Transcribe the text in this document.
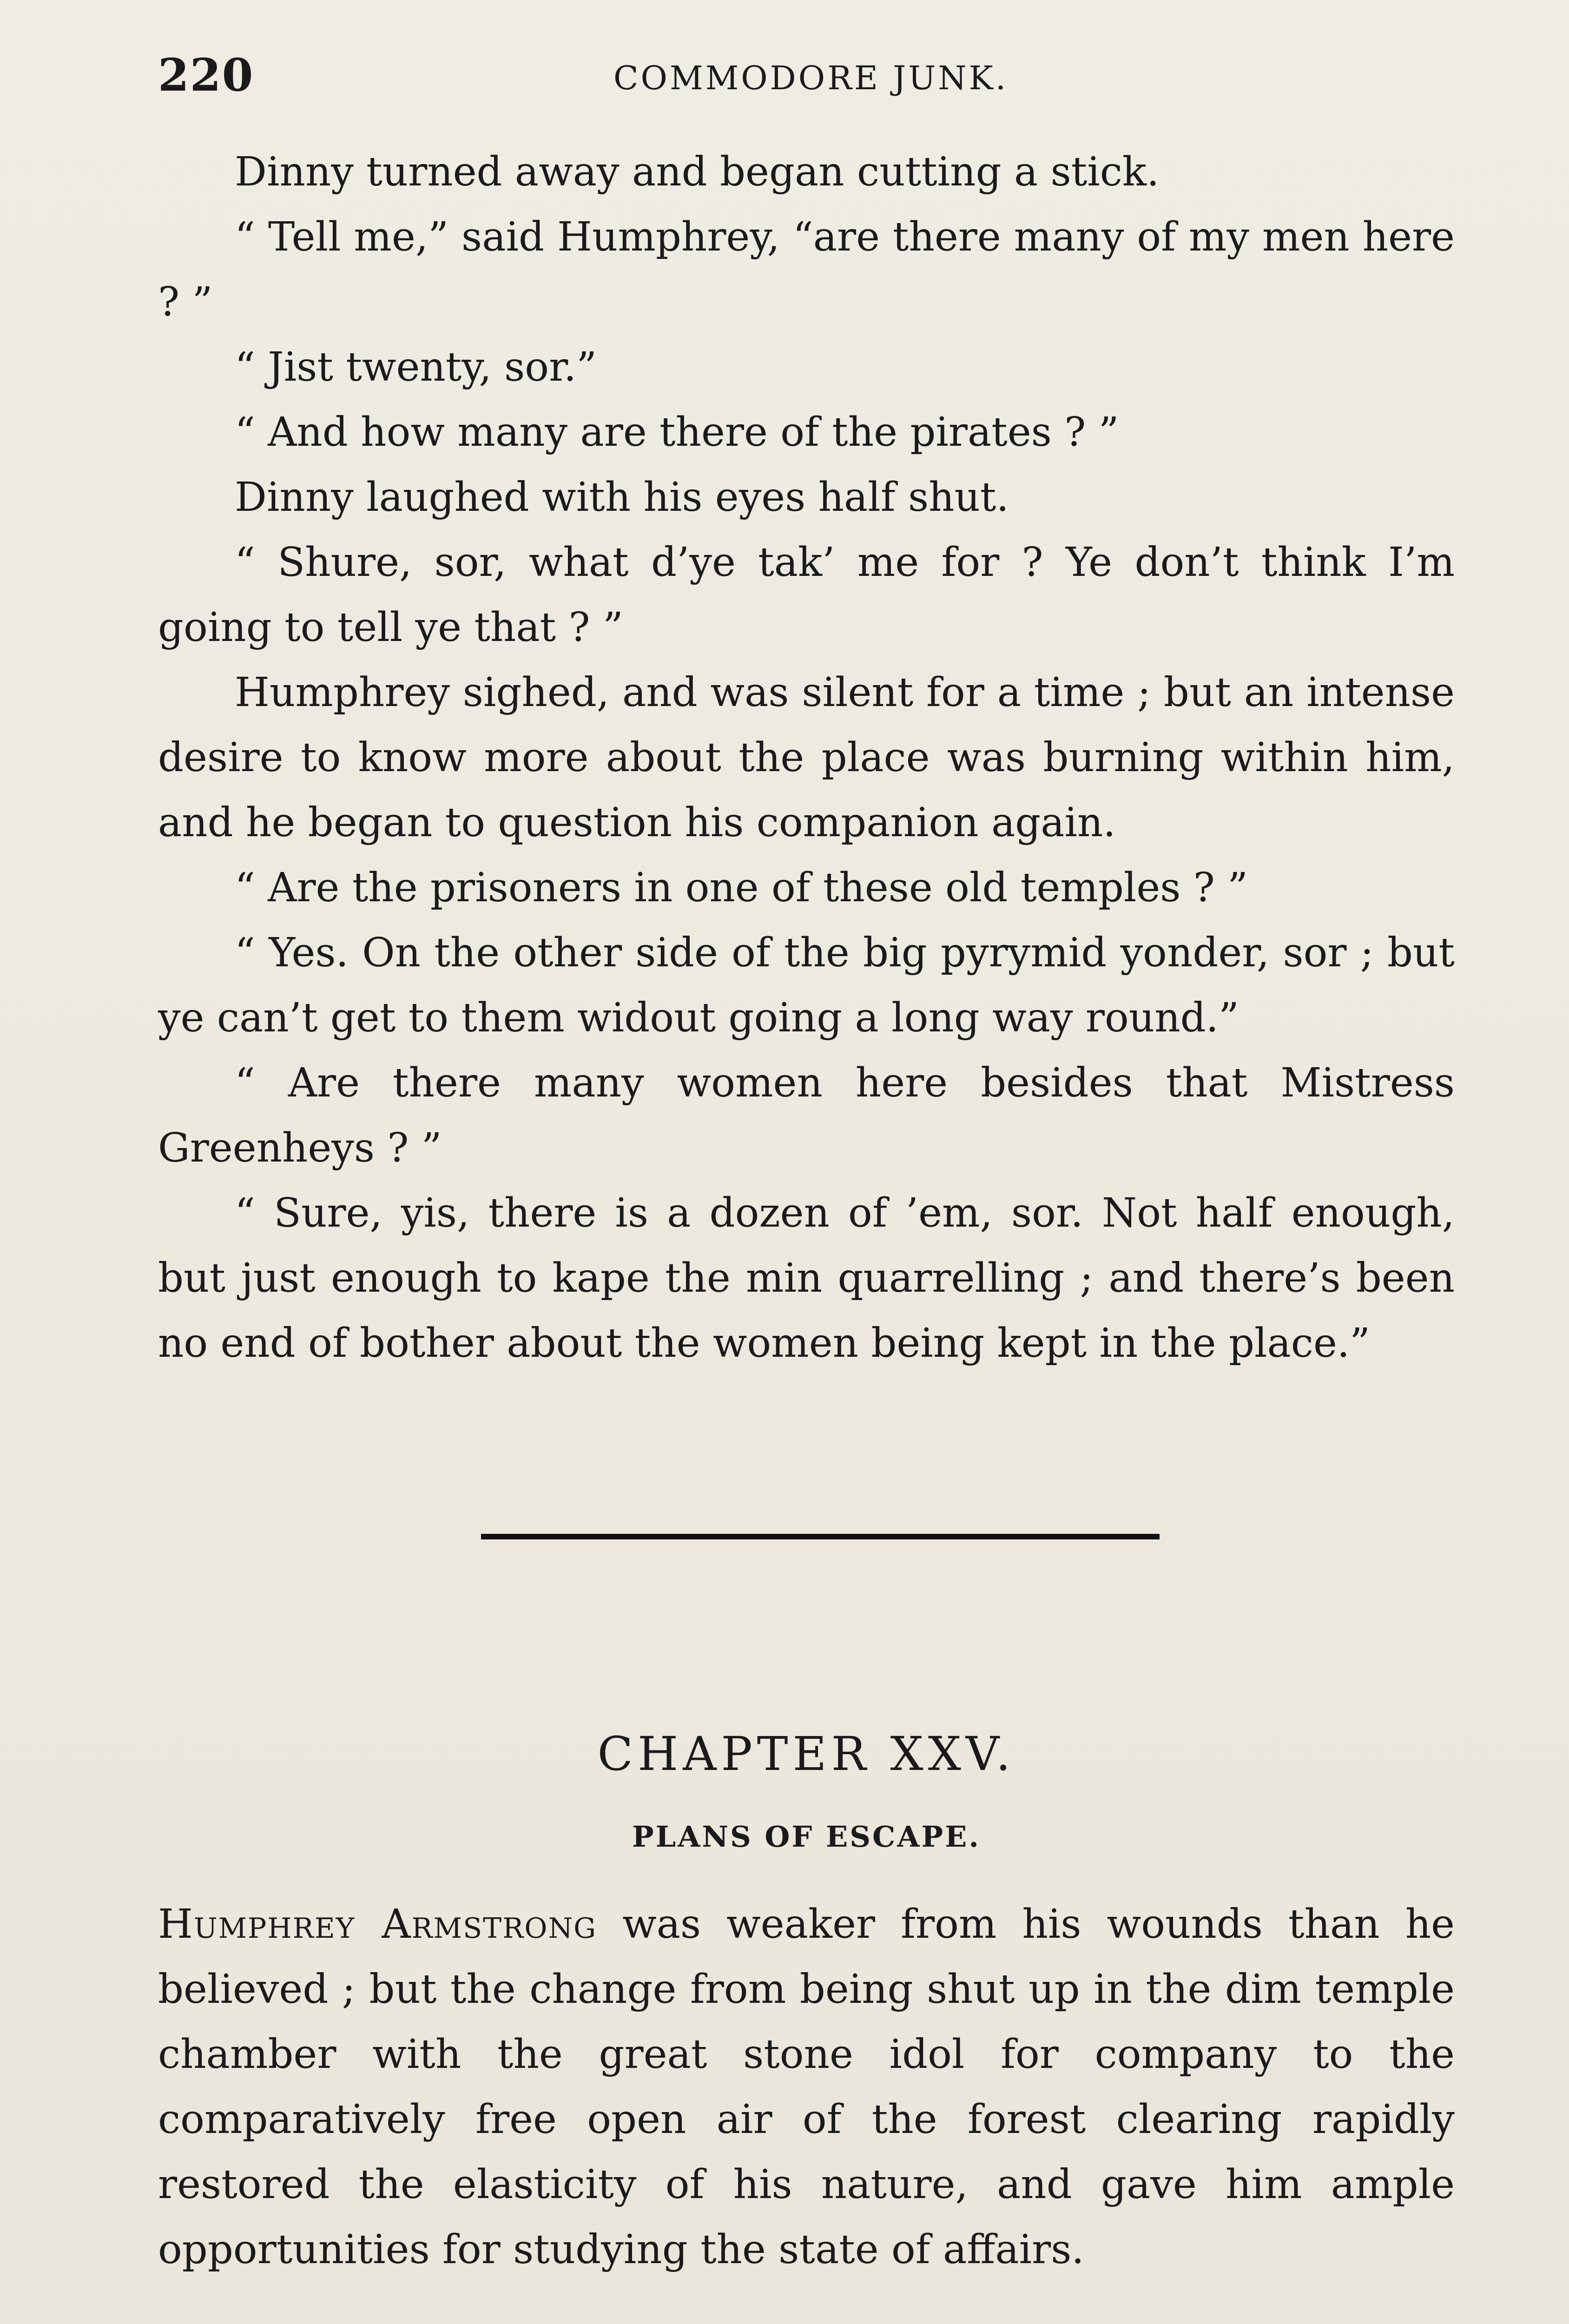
220	COMMODORE JUNK.

Dinny turned away and began cutting a stick.

“ Tell me,” said Humphrey, “are there many of my men here ? ”

“ Jist twenty, sor.”

“ And how many are there of the pirates ? ”

Dinny laughed with his eyes half shut.

“ Shure, sor, what d’ye tak’ me for ? Ye don’t think I’m going to tell ye that ? ”

Humphrey sighed, and was silent for a time ; but an intense desire to know more about the place was burning within him, and he began to question his companion again.

“ Are the prisoners in one of these old temples ? ”

“ Yes. On the other side of the big pyrymid yonder, sor ; but ye can’t get to them widout going a long way round.”

“ Are there many women here besides that Mistress Greenheys ? ”

“ Sure, yis, there is a dozen of ’em, sor. Not half enough, but just enough to kape the min quarrelling ; and there’s been no end of bother about the women being kept in the place.”

CHAPTER XXV.
PLANS OF ESCAPE.

Humphrey Armstrong was weaker from his wounds than he believed ; but the change from being shut up in the dim temple chamber with the great stone idol for company to the comparatively free open air of the forest clearing rapidly restored the elasticity of his nature, and gave him ample opportunities for studying the state of affairs.
